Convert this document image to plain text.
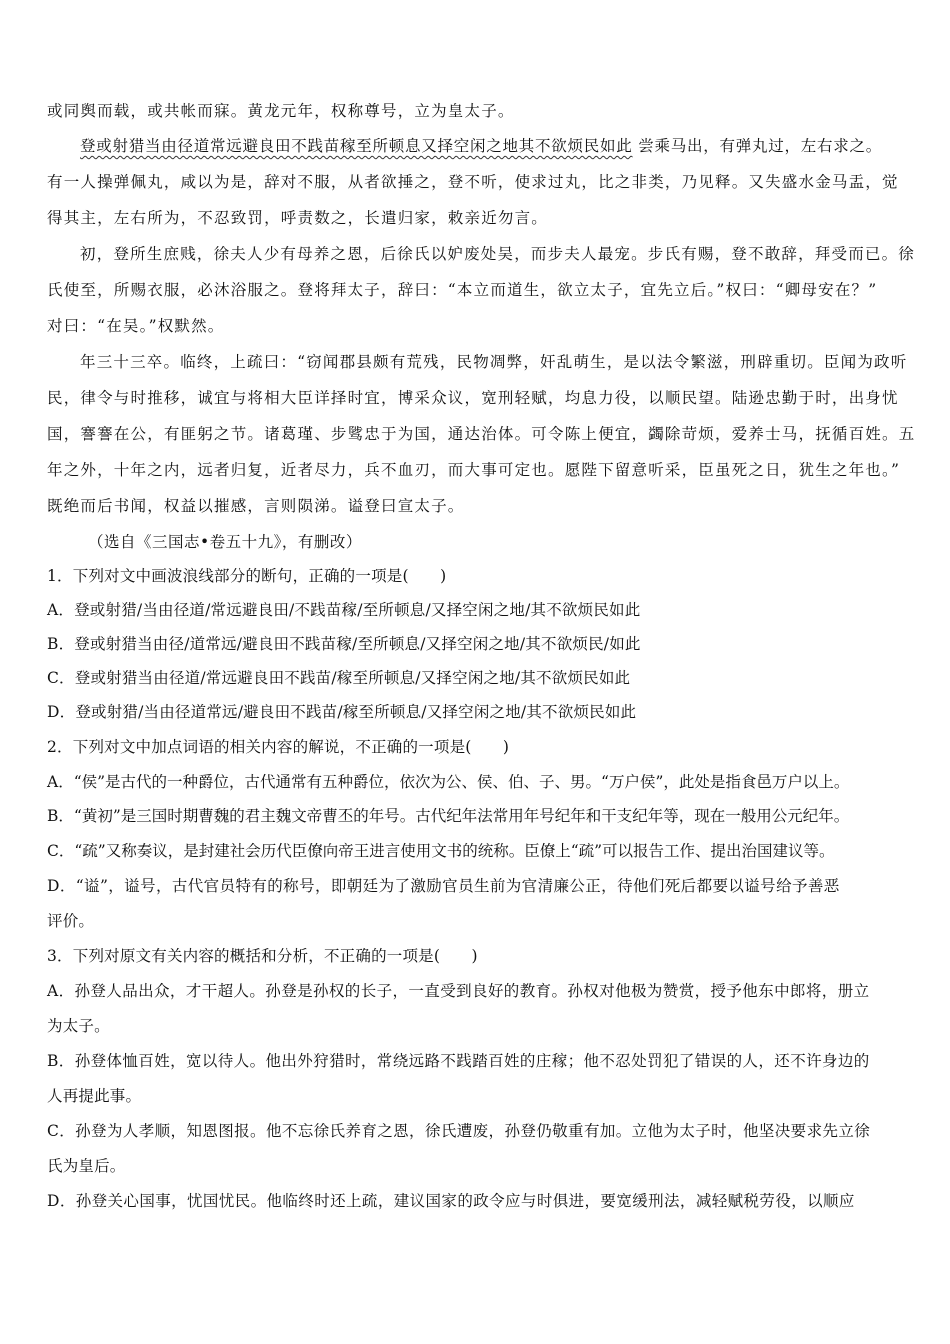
或同舆而载，或共帐而寐。黄龙元年，权称尊号，立为皇太子。
登或射猎当由径道常远避良田不践苗稼至所顿息又择空闲之地其不欲烦民如此 尝乘马出，有弹丸过，左右求之。
有一人操弹佩丸，咸以为是，辞对不服，从者欲捶之，登不听，使求过丸，比之非类，乃见释。又失盛水金马盂，觉
得其主，左右所为，不忍致罚，呼责数之，长遣归家，敕亲近勿言。
初，登所生庶贱，徐夫人少有母养之恩，后徐氏以妒废处吴，而步夫人最宠。步氏有赐，登不敢辞，拜受而已。徐
氏使至，所赐衣服，必沐浴服之。登将拜太子，辞曰：“本立而道生，欲立太子，宜先立后。”权曰：“卿母安在？”
对曰：“在吴。”权默然。
年三十三卒。临终，上疏曰：“窃闻郡县颇有荒残，民物凋弊，奸乱萌生，是以法令繁滋，刑辟重切。臣闻为政听
民，律令与时推移，诚宜与将相大臣详择时宜，博采众议，宽刑轻赋，均息力役，以顺民望。陆逊忠勤于时，出身忧
国，謇謇在公，有匪躬之节。诸葛瑾、步骘忠于为国，通达治体。可令陈上便宜，蠲除苛烦，爱养士马，抚循百姓。五
年之外，十年之内，远者归复，近者尽力，兵不血刃，而大事可定也。愿陛下留意听采，臣虽死之日，犹生之年也。”
既绝而后书闻，权益以摧感，言则陨涕。谥登曰宣太子。
（选自《三国志•卷五十九》，有删改）
1．下列对文中画波浪线部分的断句，正确的一项是(　　)
A．登或射猎/当由径道/常远避良田/不践苗稼/至所顿息/又择空闲之地/其不欲烦民如此
B．登或射猎当由径/道常远/避良田不践苗稼/至所顿息/又择空闲之地/其不欲烦民/如此
C．登或射猎当由径道/常远避良田不践苗/稼至所顿息/又择空闲之地/其不欲烦民如此
D．登或射猎/当由径道常远/避良田不践苗/稼至所顿息/又择空闲之地/其不欲烦民如此
2．下列对文中加点词语的相关内容的解说，不正确的一项是(　　)
A．“侯”是古代的一种爵位，古代通常有五种爵位，依次为公、侯、伯、子、男。“万户侯”，此处是指食邑万户以上。
B．“黄初”是三国时期曹魏的君主魏文帝曹丕的年号。古代纪年法常用年号纪年和干支纪年等，现在一般用公元纪年。
C．“疏”又称奏议，是封建社会历代臣僚向帝王进言使用文书的统称。臣僚上“疏”可以报告工作、提出治国建议等。
D．“谥”，谥号，古代官员特有的称号，即朝廷为了激励官员生前为官清廉公正，待他们死后都要以谥号给予善恶
评价。
3．下列对原文有关内容的概括和分析，不正确的一项是(　　)
A．孙登人品出众，才干超人。孙登是孙权的长子，一直受到良好的教育。孙权对他极为赞赏，授予他东中郎将，册立
为太子。
B．孙登体恤百姓，宽以待人。他出外狩猎时，常绕远路不践踏百姓的庄稼；他不忍处罚犯了错误的人，还不许身边的
人再提此事。
C．孙登为人孝顺，知恩图报。他不忘徐氏养育之恩，徐氏遭废，孙登仍敬重有加。立他为太子时，他坚决要求先立徐
氏为皇后。
D．孙登关心国事，忧国忧民。他临终时还上疏，建议国家的政令应与时俱进，要宽缓刑法，减轻赋税劳役，以顺应
